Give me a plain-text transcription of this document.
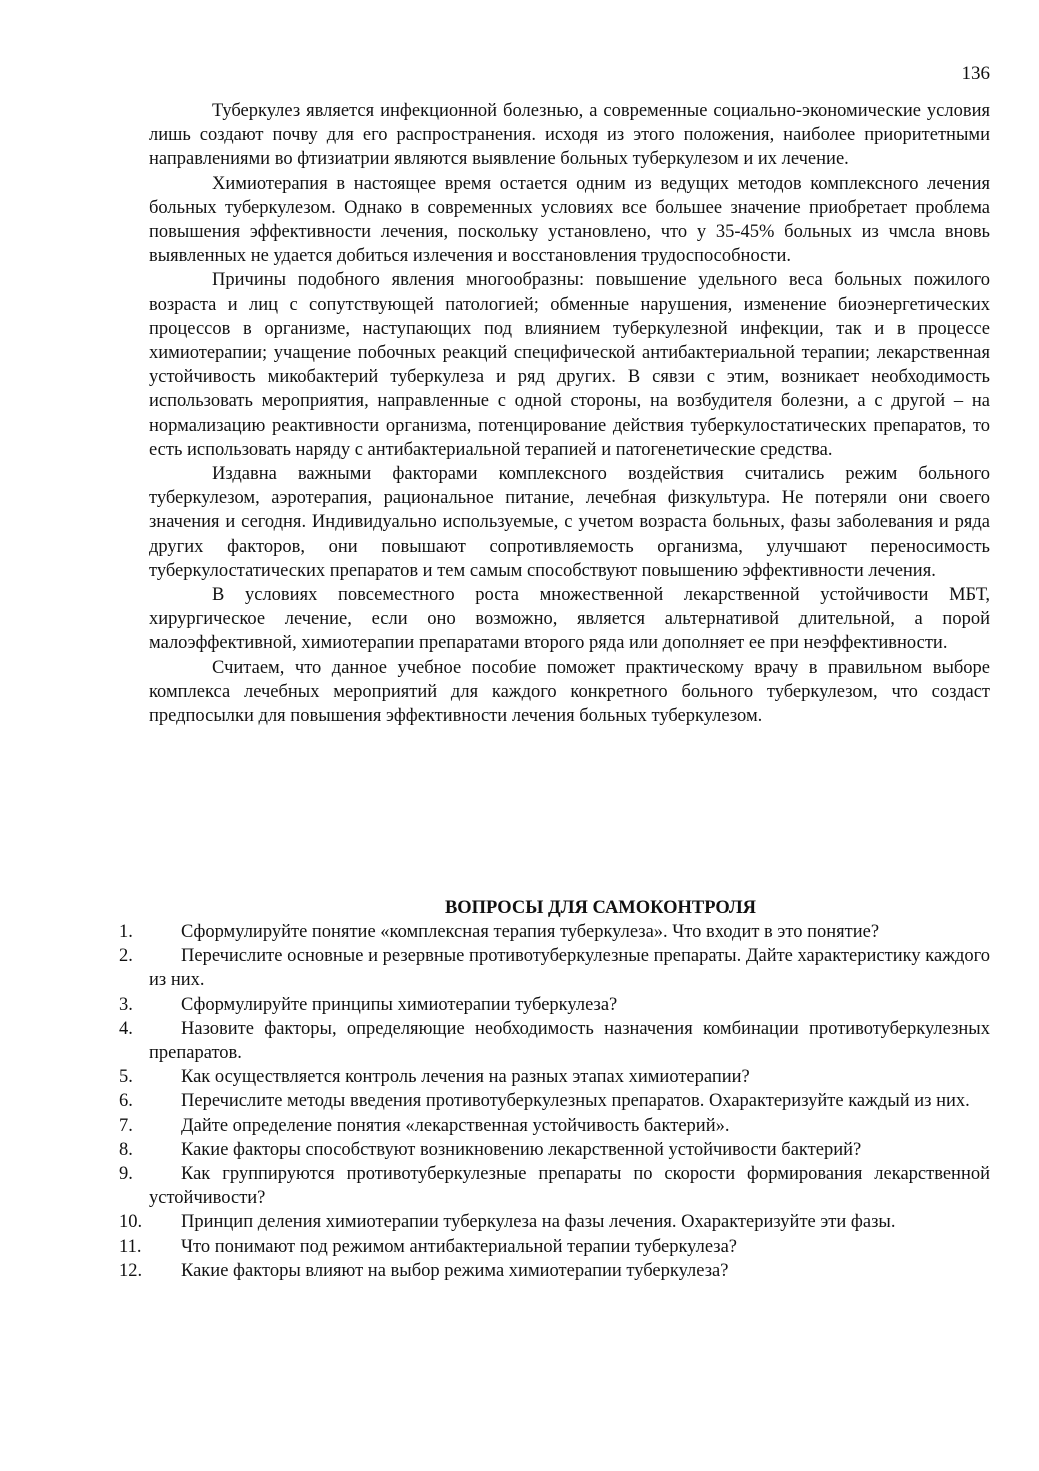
136

Туберкулез является инфекционной болезнью, а современные социально-экономические условия лишь создают почву для его распространения. исходя из этого положения, наиболее приоритетными направлениями во фтизиатрии являются выявление больных туберкулезом и их лечение.

Химиотерапия в настоящее время остается одним из ведущих методов комплексного лечения больных туберкулезом. Однако в современных условиях все большее значение приобретает проблема повышения эффективности лечения, поскольку установлено, что у 35-45% больных из чмсла вновь выявленных не удается добиться излечения и восстановления трудоспособности.

Причины подобного явления многообразны: повышение удельного веса больных пожилого возраста и лиц с сопутствующей патологией; обменные нарушения, изменение биоэнергетических процессов в организме, наступающих под влиянием туберкулезной инфекции, так и в процессе химиотерапии; учащение побочных реакций специфической антибактериальной терапии; лекарственная устойчивость микобактерий туберкулеза и ряд других. В сявзи с этим, возникает необходимость использовать мероприятия, направленные с одной стороны, на возбудителя болезни, а с другой – на нормализацию реактивности организма, потенцирование действия туберкулостатических препаратов, то есть использовать наряду с антибактериальной терапией и патогенетические средства.

Издавна важными факторами комплексного воздействия считались режим больного туберкулезом, аэротерапия, рациональное питание, лечебная физкультура. Не потеряли они своего значения и сегодня. Индивидуально используемые, с учетом возраста больных, фазы заболевания и ряда других факторов, они повышают сопротивляемость организма, улучшают переносимость туберкулостатических препаратов и тем самым способствуют повышению эффективности лечения.

В условиях повсеместного роста множественной лекарственной устойчивости МБТ, хирургическое лечение, если оно возможно, является альтернативой длительной, а порой малоэффективной, химиотерапии препаратами второго ряда или дополняет ее при неэффективности.

Считаем, что данное учебное пособие поможет практическому врачу в правильном выборе комплекса лечебных мероприятий для каждого конкретного больного туберкулезом, что создаст предпосылки для повышения эффективности лечения больных туберкулезом.

ВОПРОСЫ ДЛЯ САМОКОНТРОЛЯ
1.	Сформулируйте понятие «комплексная терапия туберкулеза». Что входит в это понятие?
2.	Перечислите основные и резервные противотуберкулезные препараты. Дайте характеристику каждого из них.
3.	Сформулируйте принципы химиотерапии туберкулеза?
4.	Назовите факторы, определяющие необходимость назначения комбинации противотуберкулезных препаратов.
5.	Как осуществляется контроль лечения на разных этапах химиотерапии?
6.	Перечислите методы введения противотуберкулезных препаратов. Охарактеризуйте каждый из них.
7.	Дайте определение понятия «лекарственная устойчивость бактерий».
8.	Какие факторы способствуют возникновению лекарственной устойчивости бактерий?
9.	Как группируются противотуберкулезные препараты по скорости формирования лекарственной устойчивости?
10.	Принцип деления химиотерапии туберкулеза на фазы лечения. Охарактеризуйте эти фазы.
11.	Что понимают под режимом антибактериальной терапии туберкулеза?
12.	Какие факторы влияют на выбор режима химиотерапии туберкулеза?
